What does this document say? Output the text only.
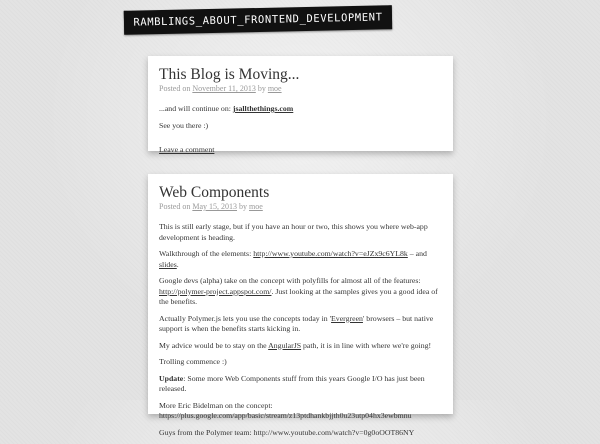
RAMBLINGS_ABOUT_FRONTEND_DEVELOPMENT
This Blog is Moving...
Posted on November 11, 2013 by moe

...and will continue on: jsallthethings.com

See you there :)

Leave a comment
Web Components
Posted on May 15, 2013 by moe

This is still early stage, but if you have an hour or two, this shows you where web-app development is heading.

Walkthrough of the elements: http://www.youtube.com/watch?v=eJZx9c6YL8k – and slides.

Google devs (alpha) take on the concept with polyfills for almost all of the features: http://polymer-project.appspot.com/. Just looking at the samples gives you a good idea of the benefits.

Actually Polymer.js lets you use the concepts today in 'Evergreen' browsers – but native support is when the benefits starts kicking in.

My advice would be to stay on the AngularJS path, it is in line with where we're going!

Trolling commence :)

Update: Some more Web Components stuff from this years Google I/O has just been released.

More Eric Bidelman on the concept:
https://plus.google.com/app/basic/stream/z13ptdhankbjjth0u23utp04hx3ewbmnu

Guys from the Polymer team: http://www.youtube.com/watch?v=0g0oOOT86NY
